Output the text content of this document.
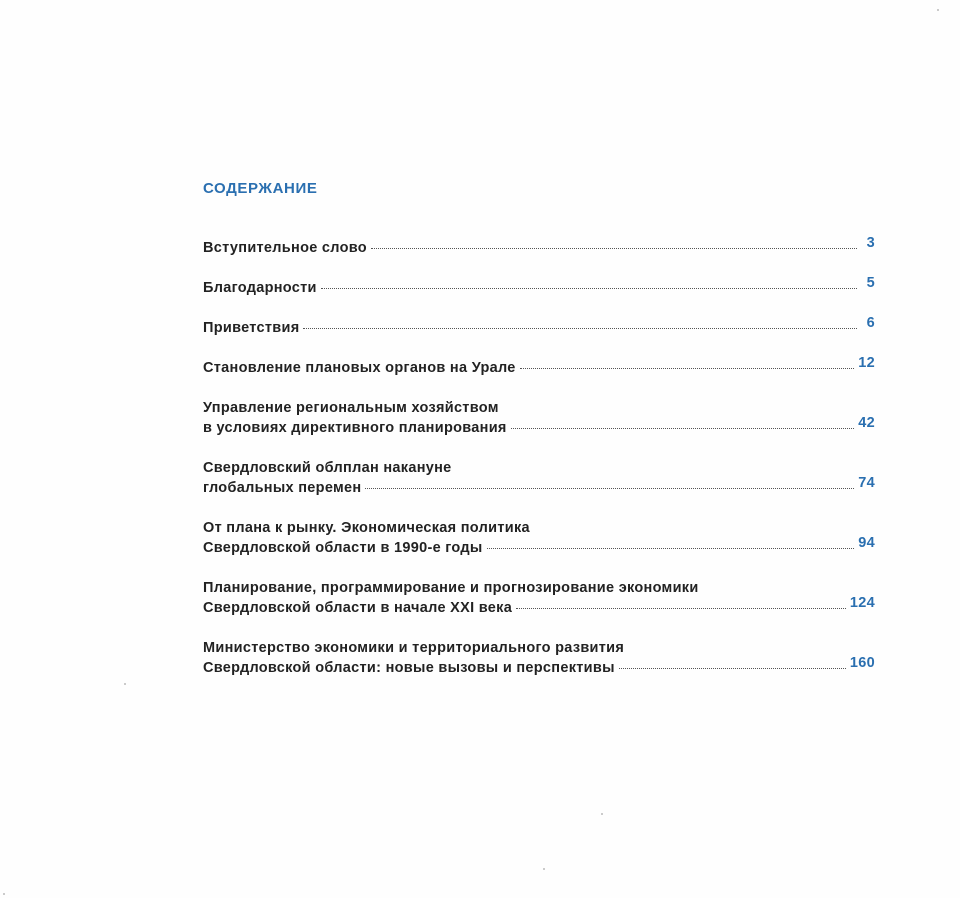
СОДЕРЖАНИЕ
Вступительное слово	3
Благодарности	5
Приветствия	6
Становление плановых органов на Урале	12
Управление региональным хозяйством
в условиях директивного планирования	42
Свердловский облплан накануне
глобальных перемен	74
От плана к рынку. Экономическая политика
Свердловской области в 1990-е годы	94
Планирование, программирование и прогнозирование экономики
Свердловской области в начале XXI века	124
Министерство экономики и территориального развития
Свердловской области: новые вызовы и перспективы	160
